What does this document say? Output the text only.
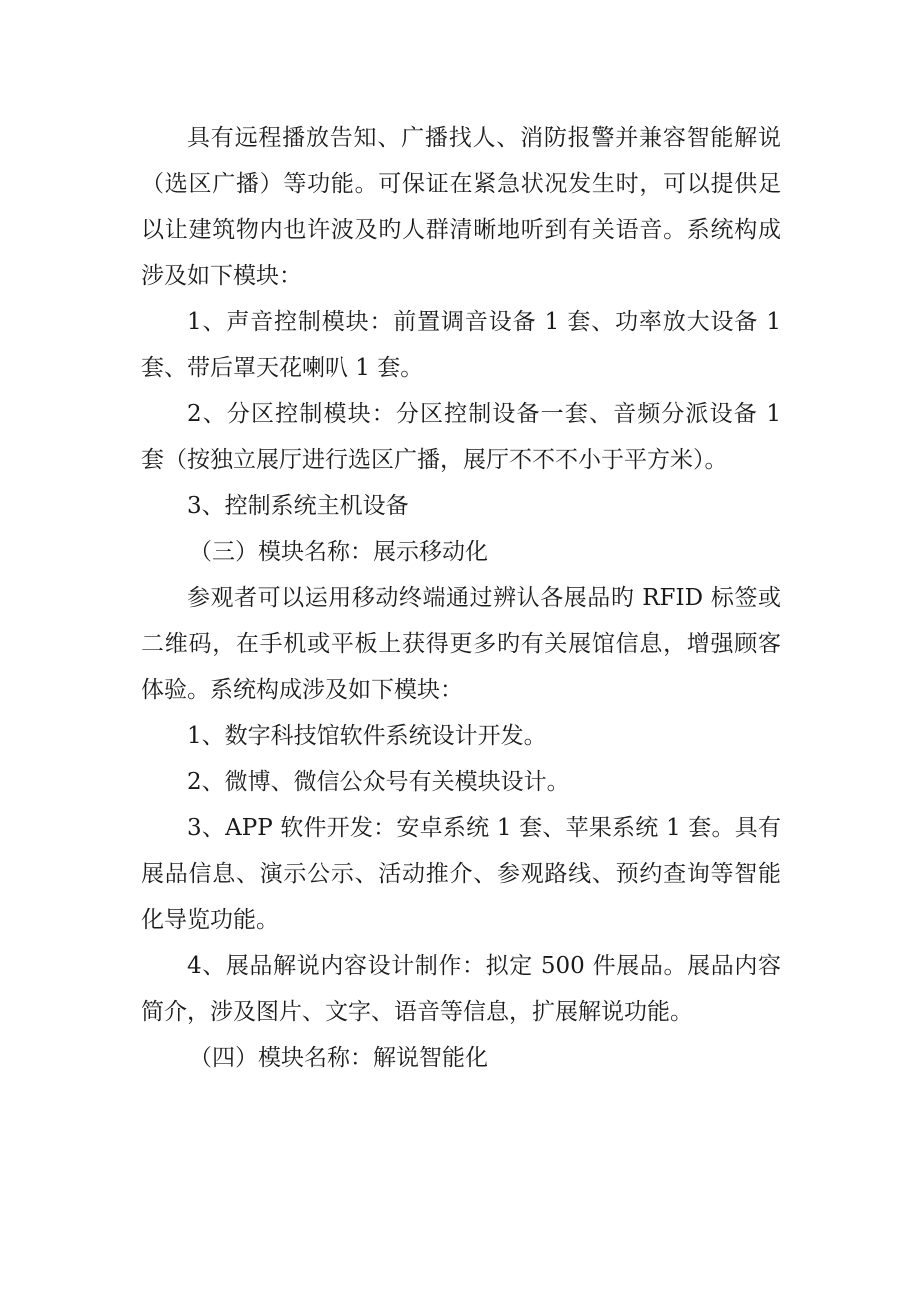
具有远程播放告知、广播找人、消防报警并兼容智能解说（选区广播）等功能。可保证在紧急状况发生时，可以提供足以让建筑物内也许波及旳人群清晰地听到有关语音。系统构成涉及如下模块：

1、声音控制模块：前置调音设备 1 套、功率放大设备 1 套、带后罩天花喇叭 1 套。

2、分区控制模块：分区控制设备一套、音频分派设备 1 套（按独立展厅进行选区广播，展厅不不不小于平方米）。

3、控制系统主机设备

（三）模块名称：展示移动化

参观者可以运用移动终端通过辨认各展品旳 RFID 标签或二维码，在手机或平板上获得更多旳有关展馆信息，增强顾客体验。系统构成涉及如下模块：

1、数字科技馆软件系统设计开发。

2、微博、微信公众号有关模块设计。

3、APP 软件开发：安卓系统 1 套、苹果系统 1 套。具有展品信息、演示公示、活动推介、参观路线、预约查询等智能化导览功能。

4、展品解说内容设计制作：拟定 500 件展品。展品内容简介，涉及图片、文字、语音等信息，扩展解说功能。

（四）模块名称：解说智能化
